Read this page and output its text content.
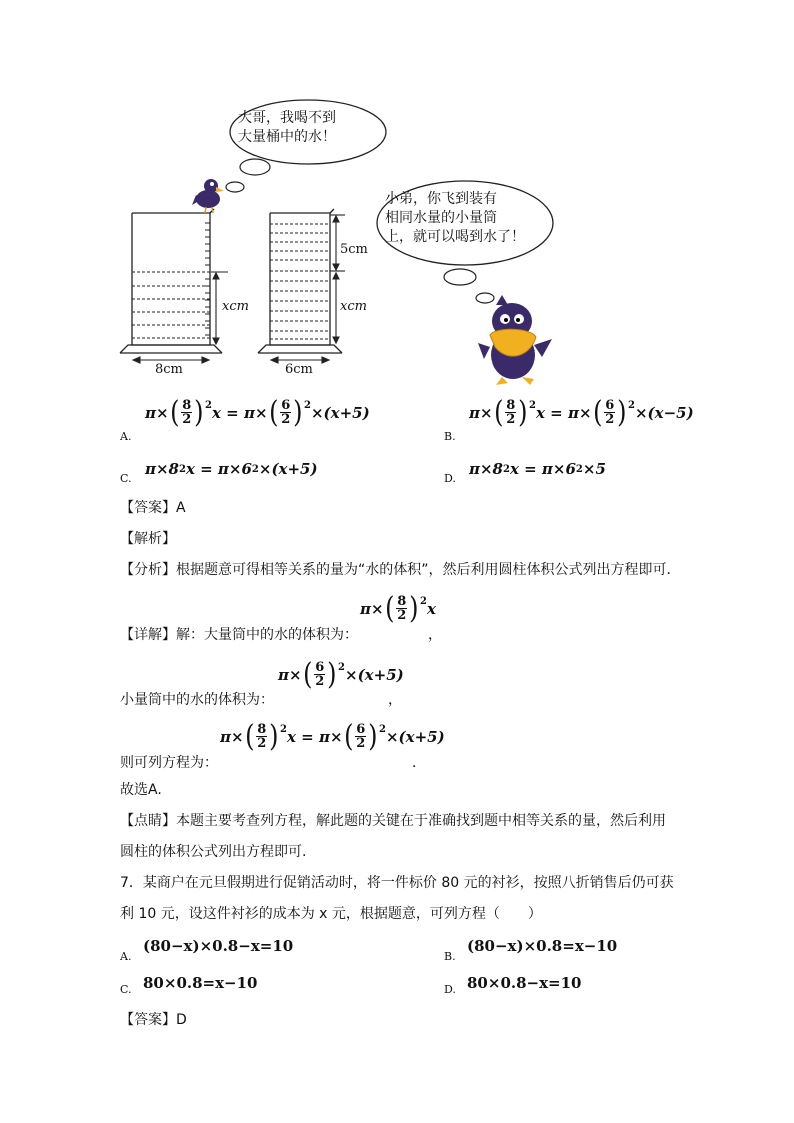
大哥，我喝不到
大量桶中的水！
小弟，你飞到装有
相同水量的小量筒
上，就可以喝到水了！
8cm	6cm
xcm	xcm
5cm
A.
π× ( $\frac{8}{2} )^2$ x = π× ( $\frac{6}{2} )^2 \times(x+5)$
B.
π× ( $\frac{8}{2} )^2$ x = π× ( $\frac{6}{2} )^2 \times(x-5)$
C.
π×8 2 x = π×6 2 ×(x+5)
D.
π×8 2 x = π×6 2 ×5
【答案】A
【解析】
【分析】根据题意可得相等关系的量为“水的体积”，然后利用圆柱体积公式列出方程即可．
【详解】解：大量筒中的水的体积为：
π× ( $\frac{8}{2} )^2$ x
，
小量筒中的水的体积为：
π× ( $\frac{6}{2} )^2 \times(x+5)$
，
则可列方程为：
π× ( $\frac{8}{2} )^2$ x = π× ( $\frac{6}{2} )^2 \times(x+5)$
．
故选A.
【点睛】本题主要考查列方程，解此题的关键在于准确找到题中相等关系的量，然后利用
圆柱的体积公式列出方程即可.
7．某商户在元旦假期进行促销活动时，将一件标价 80 元的衬衫，按照八折销售后仍可获
利 10 元，设这件衬衫的成本为 x 元，根据题意，可列方程（　　）
A.
(80−x)×0.8−x=10
B.
(80−x)×0.8=x−10
C. 80×0.8=x−10	D. 80×0.8−x=10
【答案】D
